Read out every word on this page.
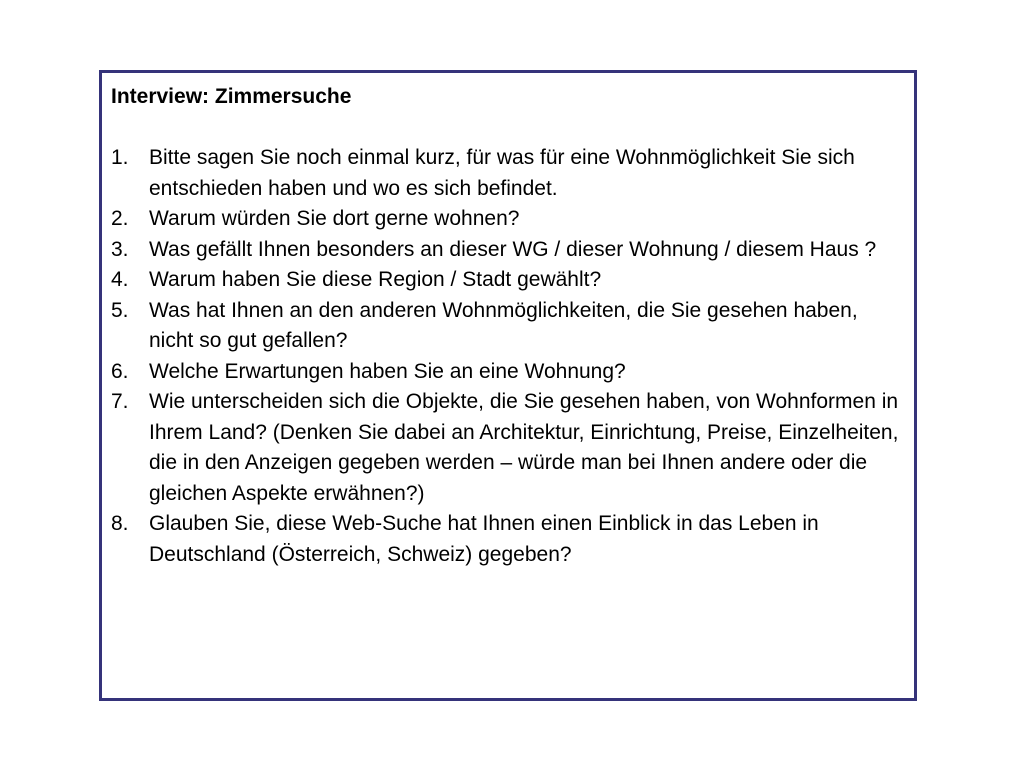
Interview: Zimmersuche
1. Bitte sagen Sie noch einmal kurz, für was für eine Wohnmöglichkeit Sie sich entschieden haben und wo es sich befindet.
2. Warum würden Sie dort gerne wohnen?
3. Was gefällt Ihnen besonders an dieser WG / dieser Wohnung / diesem Haus ?
4. Warum haben Sie diese Region / Stadt gewählt?
5. Was hat Ihnen an den anderen Wohnmöglichkeiten, die Sie gesehen haben, nicht so gut gefallen?
6. Welche Erwartungen haben Sie an eine Wohnung?
7. Wie unterscheiden sich die Objekte, die Sie gesehen haben, von Wohnformen in Ihrem Land? (Denken Sie dabei an Architektur, Einrichtung, Preise, Einzelheiten, die in den Anzeigen gegeben werden – würde man bei Ihnen andere oder die gleichen Aspekte erwähnen?)
8. Glauben Sie, diese Web-Suche hat Ihnen einen Einblick in das Leben in Deutschland (Österreich, Schweiz) gegeben?
